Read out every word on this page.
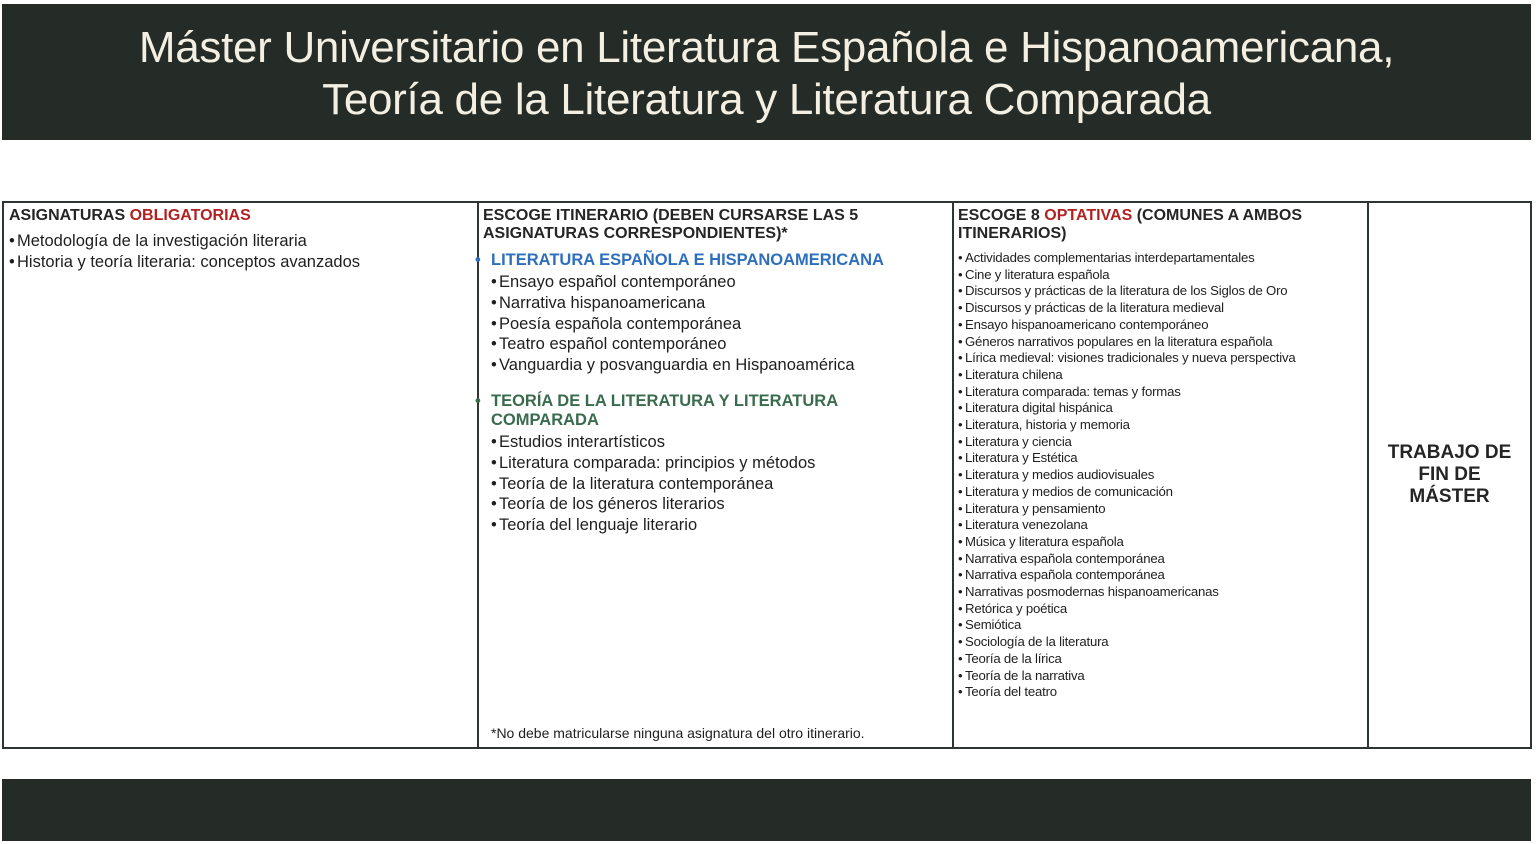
Máster Universitario en Literatura Española e Hispanoamericana,
Teoría de la Literatura y Literatura Comparada
ASIGNATURAS OBLIGATORIAS
• Metodología de la investigación literaria
• Historia y teoría literaria: conceptos avanzados
ESCOGE ITINERARIO (DEBEN CURSARSE LAS 5
ASIGNATURAS CORRESPONDIENTES)*
• LITERATURA ESPAÑOLA E HISPANOAMERICANA
• Ensayo español contemporáneo
• Narrativa hispanoamericana
• Poesía española contemporánea
• Teatro español contemporáneo
• Vanguardia y posvanguardia en Hispanoamérica
• TEORÍA DE LA LITERATURA Y LITERATURA
COMPARADA
• Estudios interartísticos
• Literatura comparada: principios y métodos
• Teoría de la literatura contemporánea
• Teoría de los géneros literarios
• Teoría del lenguaje literario
*No debe matricularse ninguna asignatura del otro itinerario.
ESCOGE 8 OPTATIVAS (COMUNES A AMBOS
ITINERARIOS)
• Actividades complementarias interdepartamentales
• Cine y literatura española
• Discursos y prácticas de la literatura de los Siglos de Oro
• Discursos y prácticas de la literatura medieval
• Ensayo hispanoamericano contemporáneo
• Géneros narrativos populares en la literatura española
• Lírica medieval: visiones tradicionales y nueva perspectiva
• Literatura chilena
• Literatura comparada: temas y formas
• Literatura digital hispánica
• Literatura, historia y memoria
• Literatura y ciencia
• Literatura y Estética
• Literatura y medios audiovisuales
• Literatura y medios de comunicación
• Literatura y pensamiento
• Literatura venezolana
• Música y literatura española
• Narrativa española contemporánea
• Narrativa española contemporánea
• Narrativas posmodernas hispanoamericanas
• Retórica y poética
• Semiótica
• Sociología de la literatura
• Teoría de la lírica
• Teoría de la narrativa
• Teoría del teatro
TRABAJO DE
FIN DE
MÁSTER
